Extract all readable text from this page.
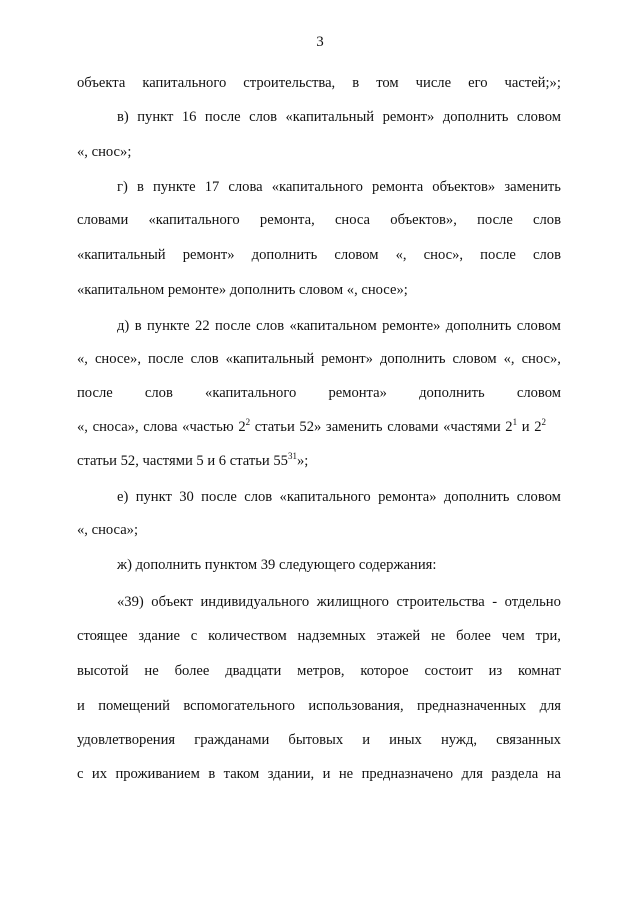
3
объекта капитального строительства, в том числе его частей;»;
в) пункт 16 после слов «капитальный ремонт» дополнить словом
«, снос»;
г) в пункте 17 слова «капитального ремонта объектов» заменить
словами «капитального ремонта, сноса объектов», после слов
«капитальный ремонт» дополнить словом «, снос», после слов
«капитальном ремонте» дополнить словом «, сносе»;
д) в пункте 22 после слов «капитальном ремонте» дополнить словом
«, сносе», после слов «капитальный ремонт» дополнить словом «, снос»,
после слов «капитального ремонта» дополнить словом
«, сноса», слова «частью $2^2$ статьи 52» заменить словами «частями $2^1$ и $2^2$
статьи 52, частями 5 и 6 статьи $55^{31}$»;
е) пункт 30 после слов «капитального ремонта» дополнить словом
«, сноса»;
ж) дополнить пунктом 39 следующего содержания:
«39) объект индивидуального жилищного строительства - отдельно
стоящее здание с количеством надземных этажей не более чем три,
высотой не более двадцати метров, которое состоит из комнат
и помещений вспомогательного использования, предназначенных для
удовлетворения гражданами бытовых и иных нужд, связанных
с их проживанием в таком здании, и не предназначено для раздела на
